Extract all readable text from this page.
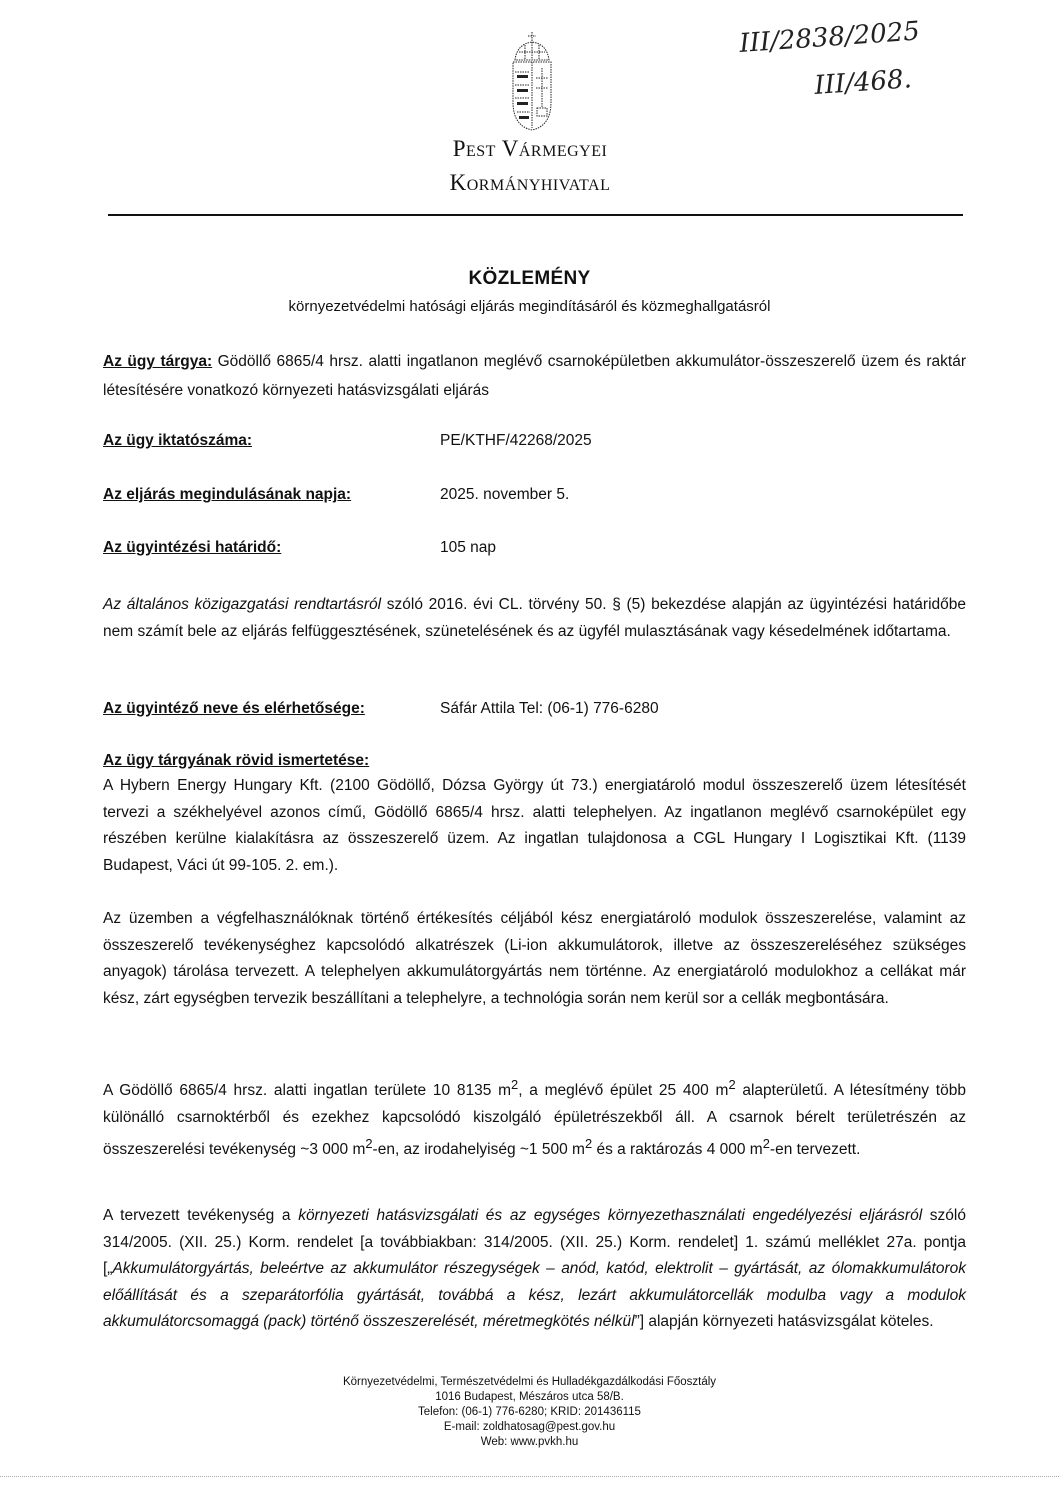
Pest Vármegyei
Kormányhivatal
III/2838/2025
III/468.
KÖZLEMÉNY
környezetvédelmi hatósági eljárás megindításáról és közmeghallgatásról
Az ügy tárgya: Gödöllő 6865/4 hrsz. alatti ingatlanon meglévő csarnoképületben akkumulátor-összeszerelő üzem és raktár létesítésére vonatkozó környezeti hatásvizsgálati eljárás
Az ügy iktatószáma:	PE/KTHF/42268/2025
Az eljárás megindulásának napja:	2025. november 5.
Az ügyintézési határidő:	105 nap
Az általános közigazgatási rendtartásról szóló 2016. évi CL. törvény 50. § (5) bekezdése alapján az ügyintézési határidőbe nem számít bele az eljárás felfüggesztésének, szünetelésének és az ügyfél mulasztásának vagy késedelmének időtartama.
Az ügyintéző neve és elérhetősége:	Sáfár Attila Tel: (06-1) 776-6280
Az ügy tárgyának rövid ismertetése:
A Hybern Energy Hungary Kft. (2100 Gödöllő, Dózsa György út 73.) energiatároló modul összeszerelő üzem létesítését tervezi a székhelyével azonos című, Gödöllő 6865/4 hrsz. alatti telephelyen. Az ingatlanon meglévő csarnoképület egy részében kerülne kialakításra az összeszerelő üzem. Az ingatlan tulajdonosa a CGL Hungary I Logisztikai Kft. (1139 Budapest, Váci út 99-105. 2. em.).
Az üzemben a végfelhasználóknak történő értékesítés céljából kész energiatároló modulok összeszerelése, valamint az összeszerelő tevékenységhez kapcsolódó alkatrészek (Li-ion akkumulátorok, illetve az összeszereléséhez szükséges anyagok) tárolása tervezett. A telephelyen akkumulátorgyártás nem történne. Az energiatároló modulokhoz a cellákat már kész, zárt egységben tervezik beszállítani a telephelyre, a technológia során nem kerül sor a cellák megbontására.
A Gödöllő 6865/4 hrsz. alatti ingatlan területe 10 8135 $m^2$, a meglévő épület 25 400 $m^2$ alapterületű. A létesítmény több különálló csarnoktérből és ezekhez kapcsolódó kiszolgáló épületrészekből áll. A csarnok bérelt területrészén az összeszerelési tevékenység ~3 000 $m^2-en$, az irodahelyiség ~1 500 $m^2$ és a raktározás 4 000 $m^2-en$ tervezett.
A tervezett tevékenység a környezeti hatásvizsgálati és az egységes környezethasználati engedélyezési eljárásról szóló 314/2005. (XII. 25.) Korm. rendelet [a továbbiakban: 314/2005. (XII. 25.) Korm. rendelet] 1. számú melléklet 27a. pontja [„Akkumulátorgyártás, beleértve az akkumulátor részegységek – anód, katód, elektrolit – gyártását, az ólomakkumulátorok előállítását és a szeparátorfólia gyártását, továbbá a kész, lezárt akkumulátorcellák modulba vagy a modulok akkumulátorcsomaggá (pack) történő összeszerelését, méretmegkötés nélkül”] alapján környezeti hatásvizsgálat köteles.
Környezetvédelmi, Természetvédelmi és Hulladékgazdálkodási Főosztály
1016 Budapest, Mészáros utca 58/B.
Telefon: (06-1) 776-6280; KRID: 201436115
E-mail: zoldhatosag@pest.gov.hu
Web: www.pvkh.hu
